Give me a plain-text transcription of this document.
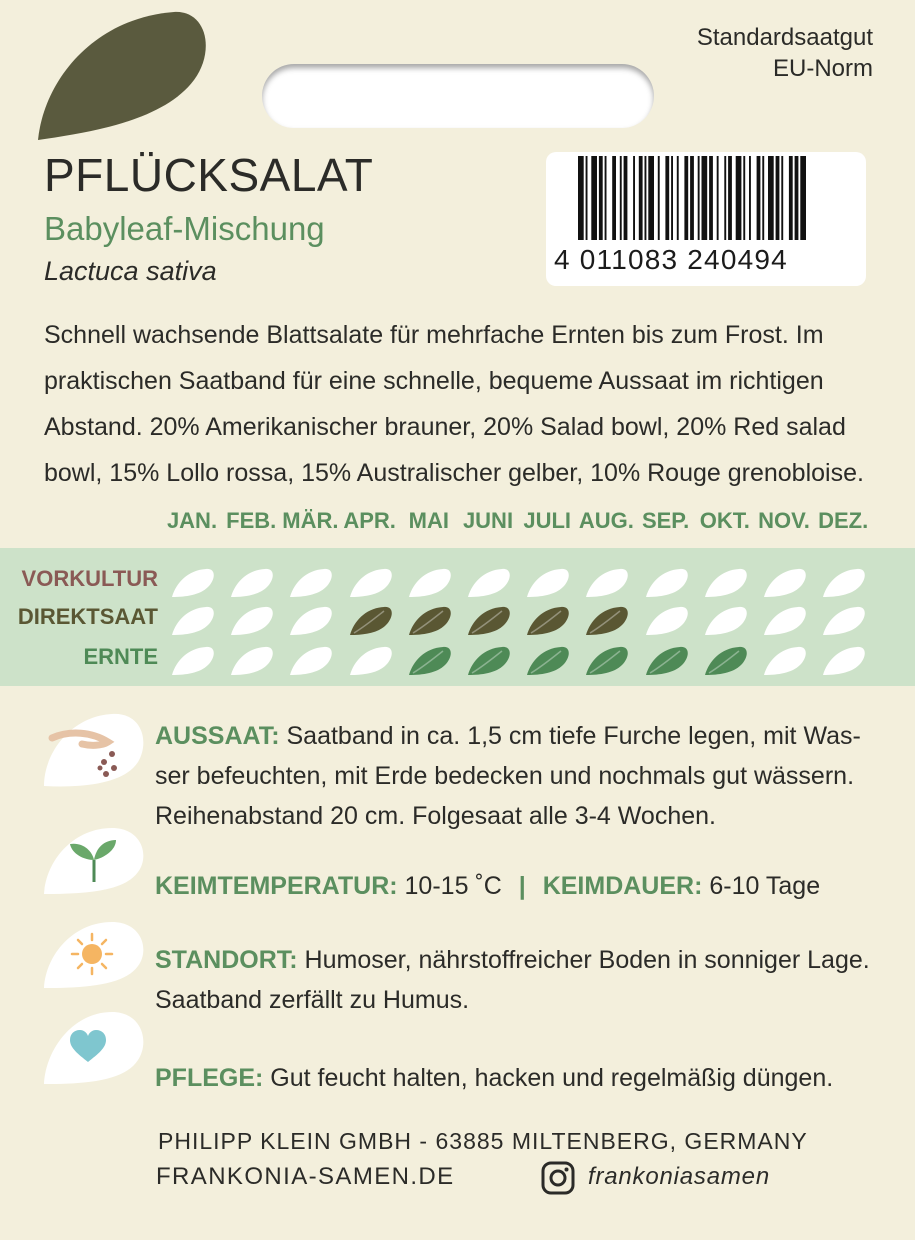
Standardsaatgut
EU-Norm
PFLÜCKSALAT
Babyleaf-Mischung
Lactuca sativa	4 011083 240494
Schnell wachsende Blattsalate für mehrfache Ernten bis zum Frost. Im praktischen Saatband für eine schnelle, bequeme Aussaat im richtigen Abstand. 20% Amerikanischer brauner, 20% Salad bowl, 20% Red salad bowl, 15% Lollo rossa, 15% Australischer gelber, 10% Rouge grenobloise.
JAN. FEB. MÄR. APR. MAI JUNI JULI AUG. SEP. OKT. NOV. DEZ.
VORKULTUR
DIREKTSAAT
ERNTE
AUSSAAT: Saatband in ca. 1,5 cm tiefe Furche legen, mit Was-
ser befeuchten, mit Erde bedecken und nochmals gut wässern.
Reihenabstand 20 cm. Folgesaat alle 3-4 Wochen.
KEIMTEMPERATUR: 10-15 ˚C | KEIMDAUER: 6-10 Tage
STANDORT: Humoser, nährstoffreicher Boden in sonniger Lage.
Saatband zerfällt zu Humus.
PFLEGE: Gut feucht halten, hacken und regelmäßig düngen.
PHILIPP KLEIN GMBH - 63885 MILTENBERG, GERMANY
FRANKONIA-SAMEN.DE	frankoniasamen
